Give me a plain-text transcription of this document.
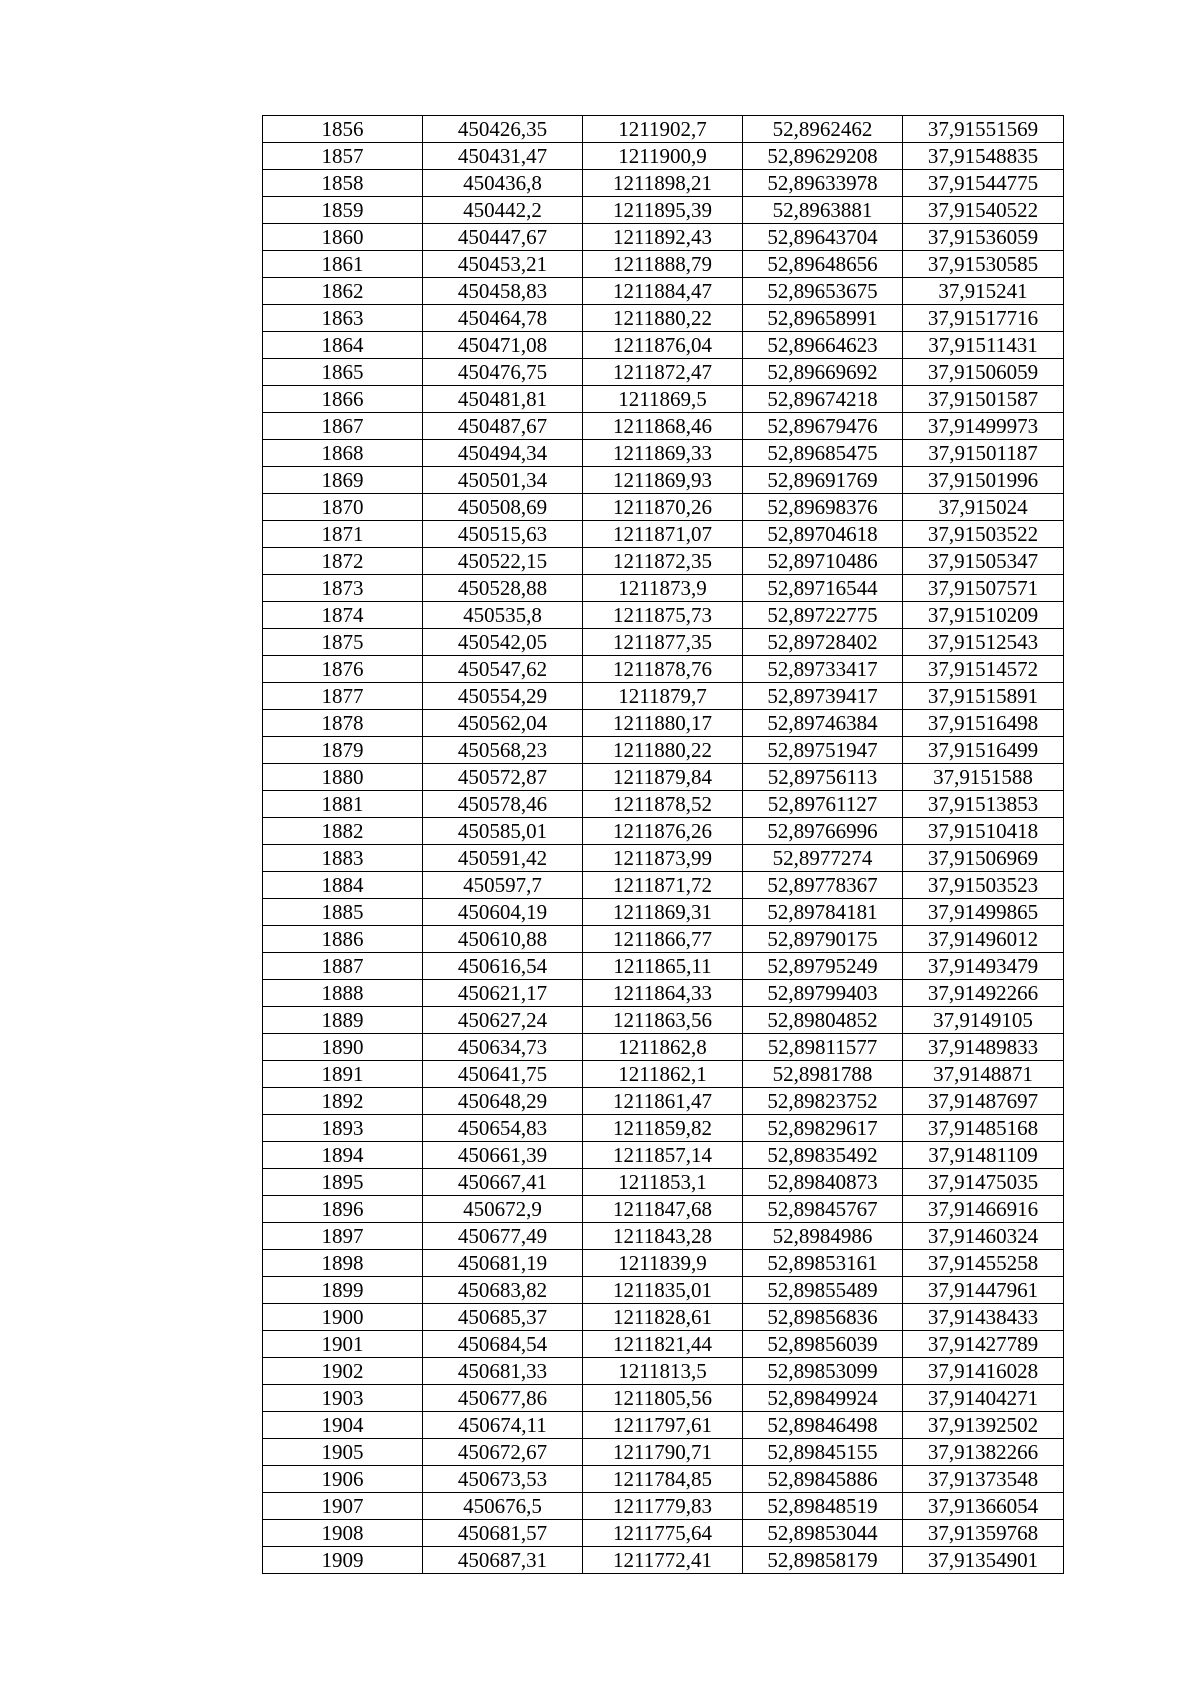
1856	450426,35	1211902,7	52,8962462	37,91551569
1857	450431,47	1211900,9	52,89629208	37,91548835
1858	450436,8	1211898,21	52,89633978	37,91544775
1859	450442,2	1211895,39	52,8963881	37,91540522
1860	450447,67	1211892,43	52,89643704	37,91536059
1861	450453,21	1211888,79	52,89648656	37,91530585
1862	450458,83	1211884,47	52,89653675	37,915241
1863	450464,78	1211880,22	52,89658991	37,91517716
1864	450471,08	1211876,04	52,89664623	37,91511431
1865	450476,75	1211872,47	52,89669692	37,91506059
1866	450481,81	1211869,5	52,89674218	37,91501587
1867	450487,67	1211868,46	52,89679476	37,91499973
1868	450494,34	1211869,33	52,89685475	37,91501187
1869	450501,34	1211869,93	52,89691769	37,91501996
1870	450508,69	1211870,26	52,89698376	37,915024
1871	450515,63	1211871,07	52,89704618	37,91503522
1872	450522,15	1211872,35	52,89710486	37,91505347
1873	450528,88	1211873,9	52,89716544	37,91507571
1874	450535,8	1211875,73	52,89722775	37,91510209
1875	450542,05	1211877,35	52,89728402	37,91512543
1876	450547,62	1211878,76	52,89733417	37,91514572
1877	450554,29	1211879,7	52,89739417	37,91515891
1878	450562,04	1211880,17	52,89746384	37,91516498
1879	450568,23	1211880,22	52,89751947	37,91516499
1880	450572,87	1211879,84	52,89756113	37,9151588
1881	450578,46	1211878,52	52,89761127	37,91513853
1882	450585,01	1211876,26	52,89766996	37,91510418
1883	450591,42	1211873,99	52,8977274	37,91506969
1884	450597,7	1211871,72	52,89778367	37,91503523
1885	450604,19	1211869,31	52,89784181	37,91499865
1886	450610,88	1211866,77	52,89790175	37,91496012
1887	450616,54	1211865,11	52,89795249	37,91493479
1888	450621,17	1211864,33	52,89799403	37,91492266
1889	450627,24	1211863,56	52,89804852	37,9149105
1890	450634,73	1211862,8	52,89811577	37,91489833
1891	450641,75	1211862,1	52,8981788	37,9148871
1892	450648,29	1211861,47	52,89823752	37,91487697
1893	450654,83	1211859,82	52,89829617	37,91485168
1894	450661,39	1211857,14	52,89835492	37,91481109
1895	450667,41	1211853,1	52,89840873	37,91475035
1896	450672,9	1211847,68	52,89845767	37,91466916
1897	450677,49	1211843,28	52,8984986	37,91460324
1898	450681,19	1211839,9	52,89853161	37,91455258
1899	450683,82	1211835,01	52,89855489	37,91447961
1900	450685,37	1211828,61	52,89856836	37,91438433
1901	450684,54	1211821,44	52,89856039	37,91427789
1902	450681,33	1211813,5	52,89853099	37,91416028
1903	450677,86	1211805,56	52,89849924	37,91404271
1904	450674,11	1211797,61	52,89846498	37,91392502
1905	450672,67	1211790,71	52,89845155	37,91382266
1906	450673,53	1211784,85	52,89845886	37,91373548
1907	450676,5	1211779,83	52,89848519	37,91366054
1908	450681,57	1211775,64	52,89853044	37,91359768
1909	450687,31	1211772,41	52,89858179	37,91354901
